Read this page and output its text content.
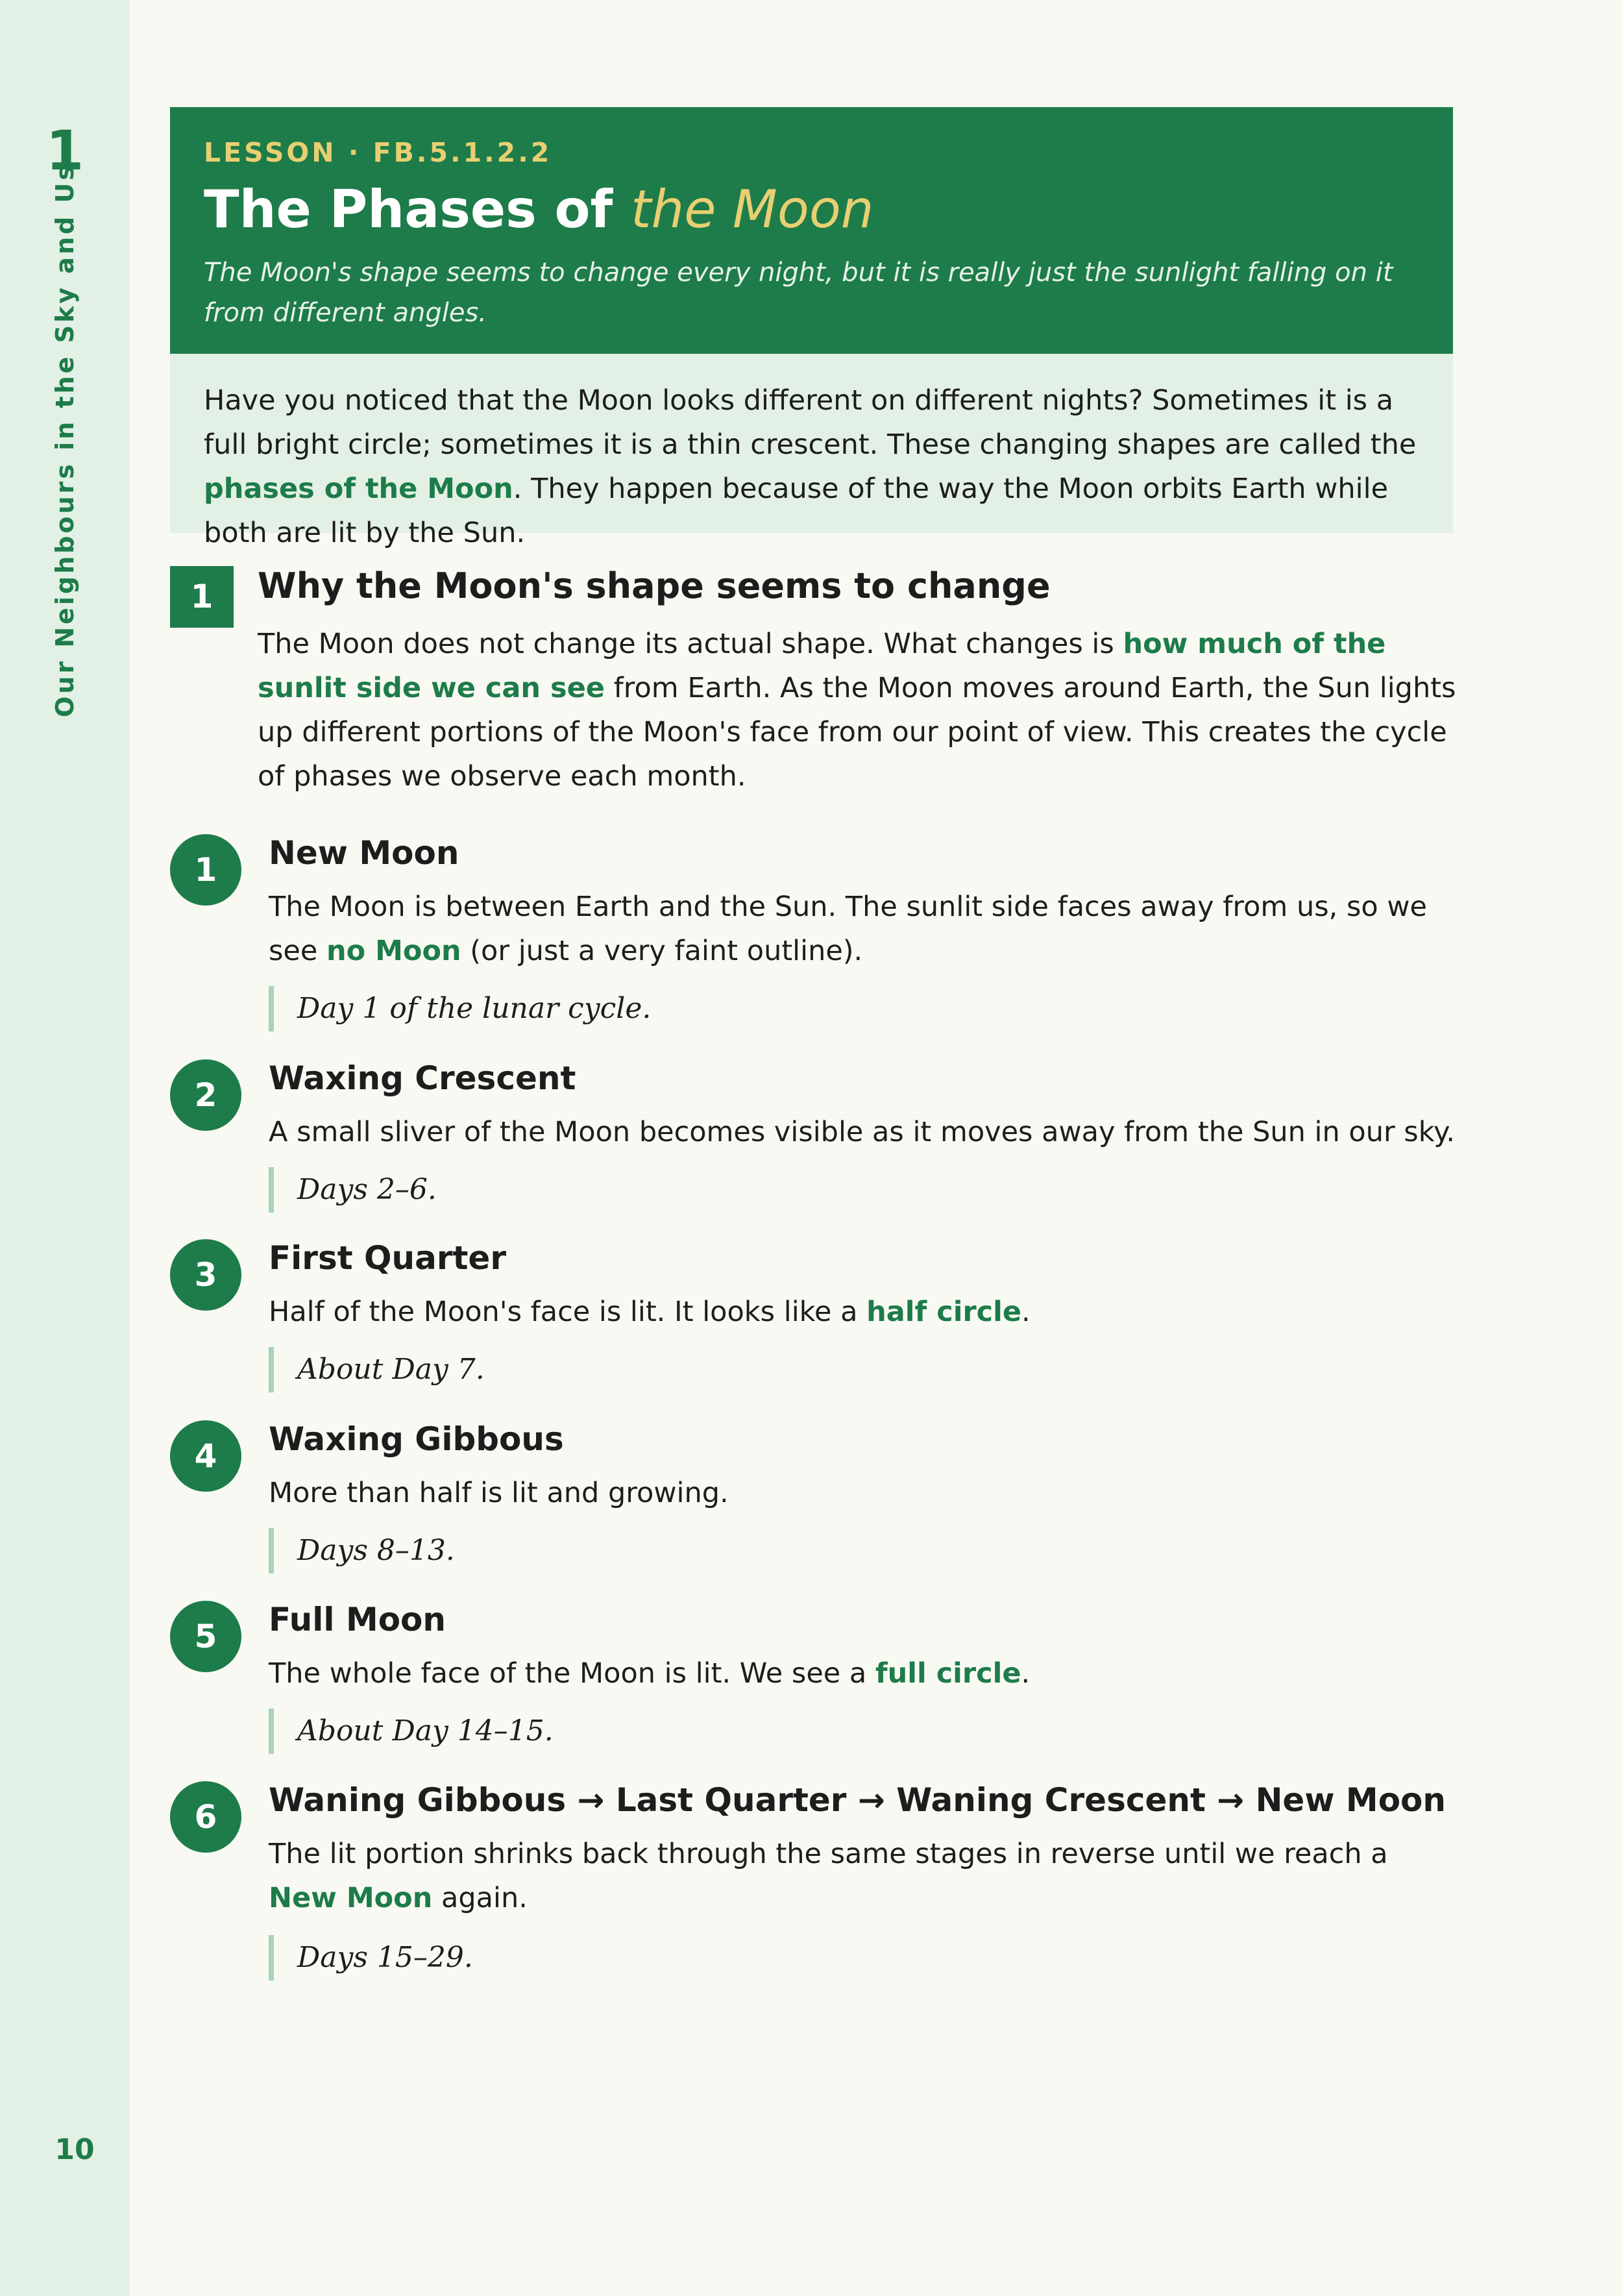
1
Our Neighbours in the Sky and Us
10
LESSON · FB.5.1.2.2
The Phases of the Moon
The Moon's shape seems to change every night, but it is really just the sunlight falling on it from different angles.
Have you noticed that the Moon looks different on different nights? Sometimes it is a full bright circle; sometimes it is a thin crescent. These changing shapes are called the phases of the Moon. They happen because of the way the Moon orbits Earth while both are lit by the Sun.
1	Why the Moon's shape seems to change
The Moon does not change its actual shape. What changes is how much of the sunlit side we can see from Earth. As the Moon moves around Earth, the Sun lights up different portions of the Moon's face from our point of view. This creates the cycle of phases we observe each month.
1	New Moon
The Moon is between Earth and the Sun. The sunlit side faces away from us, so we see no Moon (or just a very faint outline).
Day 1 of the lunar cycle.
2	Waxing Crescent
A small sliver of the Moon becomes visible as it moves away from the Sun in our sky.
Days 2–6.
3	First Quarter
Half of the Moon's face is lit. It looks like a half circle.
About Day 7.
4	Waxing Gibbous
More than half is lit and growing.
Days 8–13.
5	Full Moon
The whole face of the Moon is lit. We see a full circle.
About Day 14–15.
6	Waning Gibbous → Last Quarter → Waning Crescent → New Moon
The lit portion shrinks back through the same stages in reverse until we reach a New Moon again.
Days 15–29.
